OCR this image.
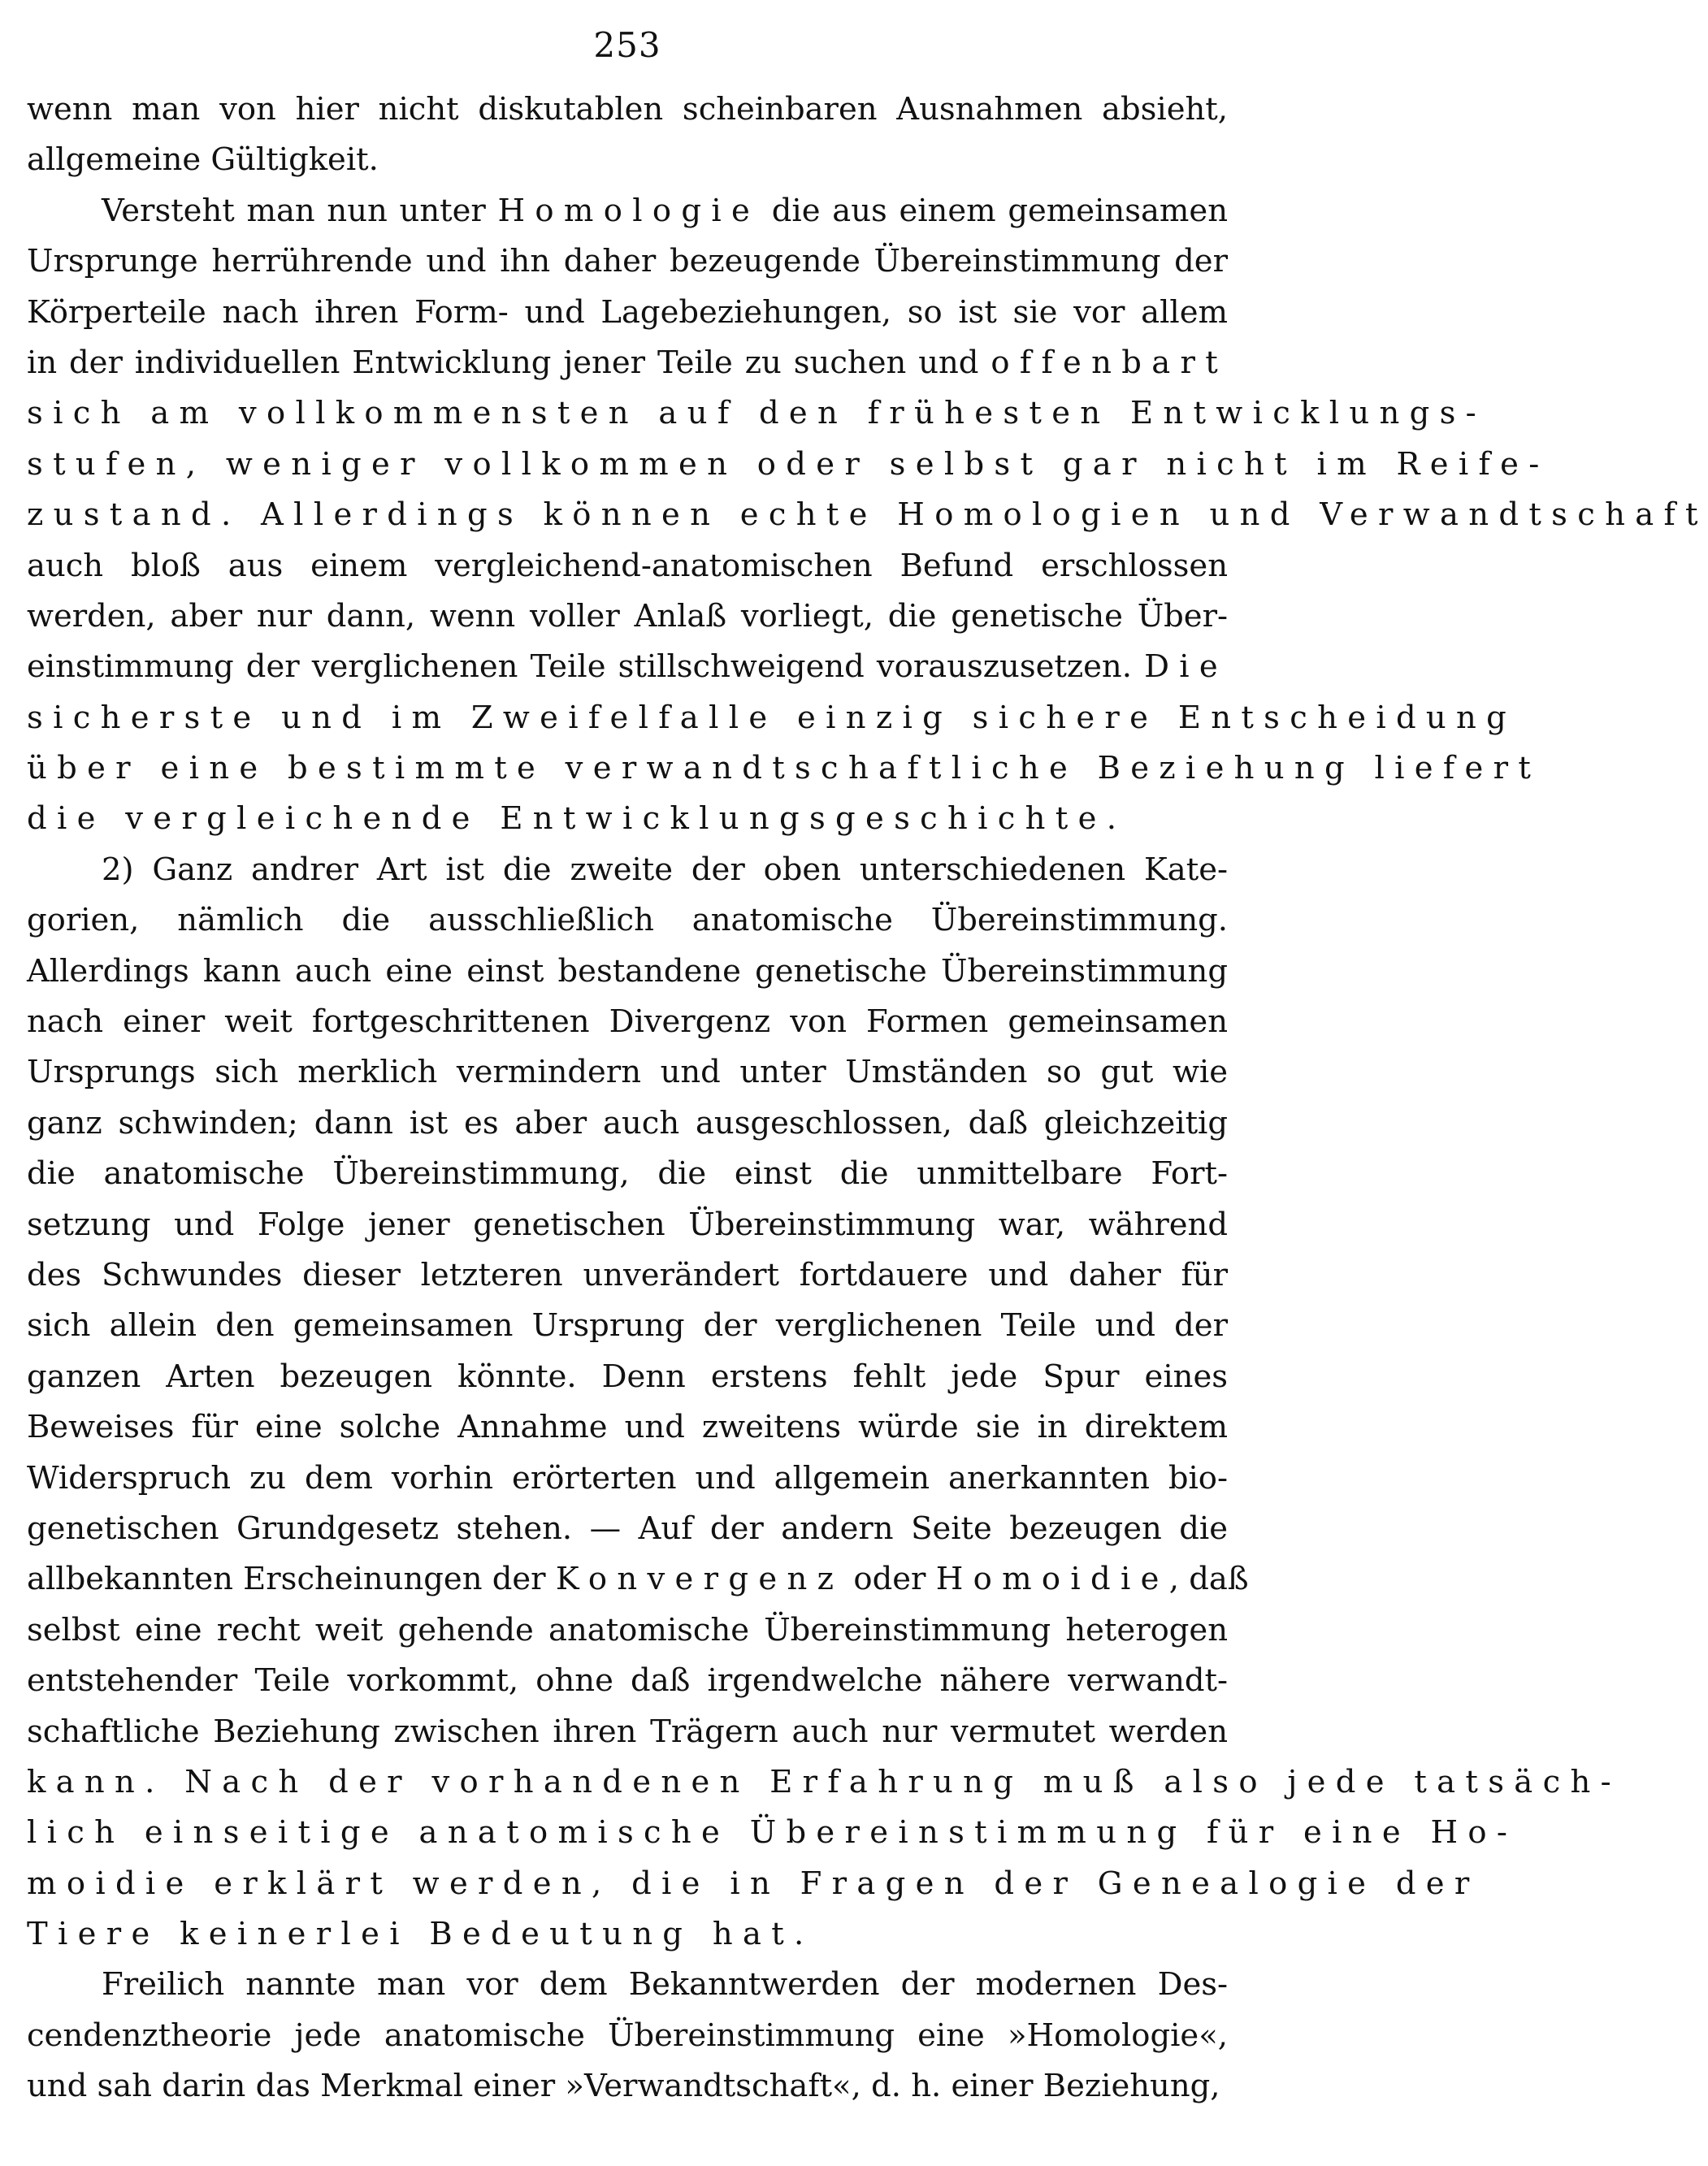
253
wenn man von hier nicht diskutablen scheinbaren Ausnahmen absieht,
allgemeine Gültigkeit.
Versteht man nun unter Homologie die aus einem gemeinsamen
Ursprunge herrührende und ihn daher bezeugende Übereinstimmung der
Körperteile nach ihren Form- und Lagebeziehungen, so ist sie vor allem
in der individuellen Entwicklung jener Teile zu suchen und offenbart
sich am vollkommensten auf den frühesten Entwicklungs-
stufen, weniger vollkommen oder selbst gar nicht im Reife-
zustand. Allerdings können echte Homologien und Verwandtschaft
auch bloß aus einem vergleichend-anatomischen Befund erschlossen
werden, aber nur dann, wenn voller Anlaß vorliegt, die genetische Über-
einstimmung der verglichenen Teile stillschweigend vorauszusetzen. Die
sicherste und im Zweifelfalle einzig sichere Entscheidung
über eine bestimmte verwandtschaftliche Beziehung liefert
die vergleichende Entwicklungsgeschichte.
2) Ganz andrer Art ist die zweite der oben unterschiedenen Kate-
gorien, nämlich die ausschließlich anatomische Übereinstimmung.
Allerdings kann auch eine einst bestandene genetische Übereinstimmung
nach einer weit fortgeschrittenen Divergenz von Formen gemeinsamen
Ursprungs sich merklich vermindern und unter Umständen so gut wie
ganz schwinden; dann ist es aber auch ausgeschlossen, daß gleichzeitig
die anatomische Übereinstimmung, die einst die unmittelbare Fort-
setzung und Folge jener genetischen Übereinstimmung war, während
des Schwundes dieser letzteren unverändert fortdauere und daher für
sich allein den gemeinsamen Ursprung der verglichenen Teile und der
ganzen Arten bezeugen könnte. Denn erstens fehlt jede Spur eines
Beweises für eine solche Annahme und zweitens würde sie in direktem
Widerspruch zu dem vorhin erörterten und allgemein anerkannten bio-
genetischen Grundgesetz stehen. — Auf der andern Seite bezeugen die
allbekannten Erscheinungen der Konvergenz oder Homoidie, daß
selbst eine recht weit gehende anatomische Übereinstimmung heterogen
entstehender Teile vorkommt, ohne daß irgendwelche nähere verwandt-
schaftliche Beziehung zwischen ihren Trägern auch nur vermutet werden
kann. Nach der vorhandenen Erfahrung muß also jede tatsäch-
lich einseitige anatomische Übereinstimmung für eine Ho-
moidie erklärt werden, die in Fragen der Genealogie der
Tiere keinerlei Bedeutung hat.
Freilich nannte man vor dem Bekanntwerden der modernen Des-
cendenztheorie jede anatomische Übereinstimmung eine »Homologie«,
und sah darin das Merkmal einer »Verwandtschaft«, d. h. einer Beziehung,
